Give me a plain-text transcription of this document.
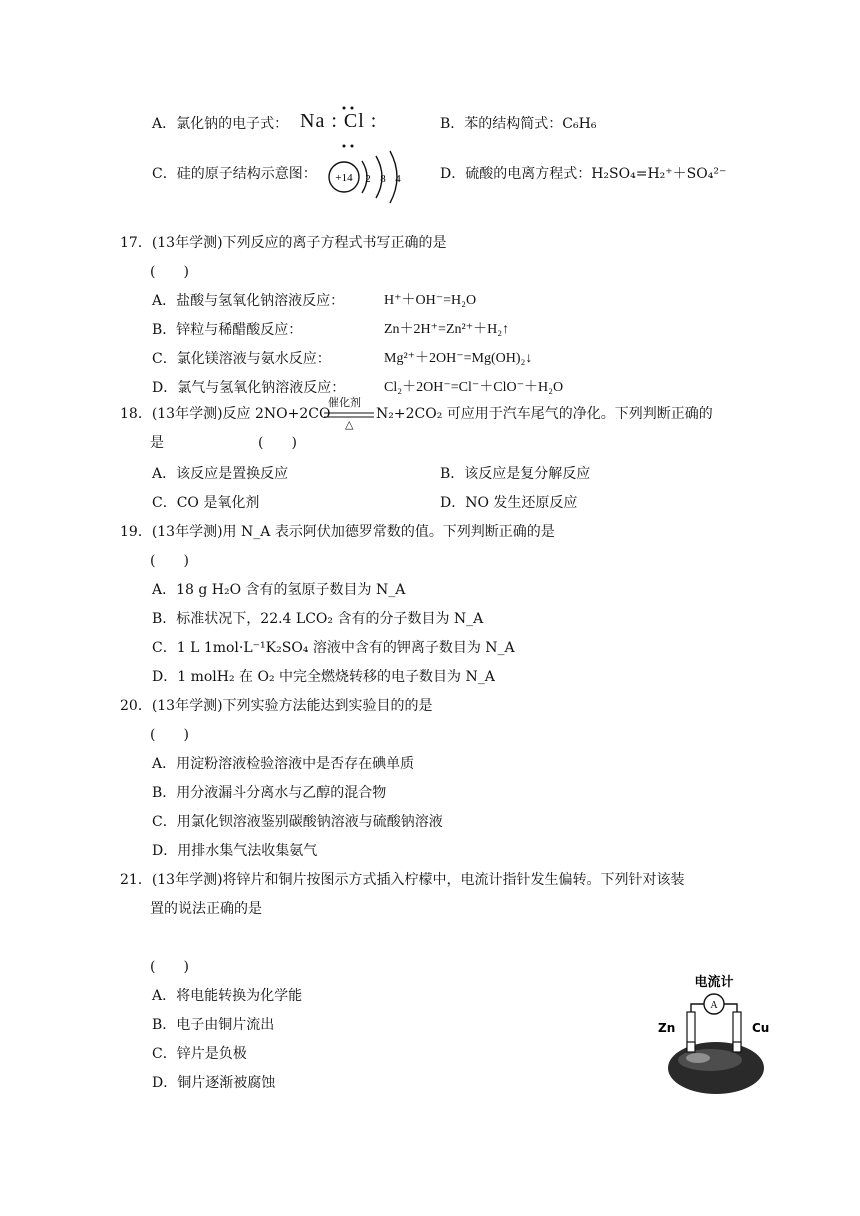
A．氯化钠的电子式： Na : Cl :	B．苯的结构简式：C₆H₆
C．硅的原子结构示意图： +14 2 8 4	D．硫酸的电离方程式：H₂SO₄=H₂⁺＋SO₄²⁻
17．(13年学测)下列反应的离子方程式书写正确的是
(　　)
A．盐酸与氢氧化钠溶液反应：	H⁺＋OH⁻=H₂O
B．锌粒与稀醋酸反应：	Zn＋2H⁺=Zn²⁺＋H₂↑
C．氯化镁溶液与氨水反应：	Mg²⁺＋2OH⁻=Mg(OH)₂↓
D．氯气与氢氧化钠溶液反应：	Cl₂＋2OH⁻=Cl⁻＋ClO⁻＋H₂O
18．(13年学测)反应 2NO+2CO
催化剂
△
N₂+2CO₂ 可应用于汽车尾气的净化。下列判断正确的
是	(　　)
A．该反应是置换反应	B．该反应是复分解反应
C．CO 是氧化剂	D．NO 发生还原反应
19．(13年学测)用 N_A 表示阿伏加德罗常数的值。下列判断正确的是
(　　)
A．18 g H₂O 含有的氢原子数目为 N_A
B．标准状况下，22.4 LCO₂ 含有的分子数目为 N_A
C．1 L 1mol·L⁻¹K₂SO₄ 溶液中含有的钾离子数目为 N_A
D．1 molH₂ 在 O₂ 中完全燃烧转移的电子数目为 N_A
20．(13年学测)下列实验方法能达到实验目的的是
(　　)
A．用淀粉溶液检验溶液中是否存在碘单质
B．用分液漏斗分离水与乙醇的混合物
C．用氯化钡溶液鉴别碳酸钠溶液与硫酸钠溶液
D．用排水集气法收集氨气
21．(13年学测)将锌片和铜片按图示方式插入柠檬中，电流计指针发生偏转。下列针对该装
置的说法正确的是
(　　)
A．将电能转换为化学能
B．电子由铜片流出
C．锌片是负极
D．铜片逐渐被腐蚀
电流计
A
Zn	Cu
